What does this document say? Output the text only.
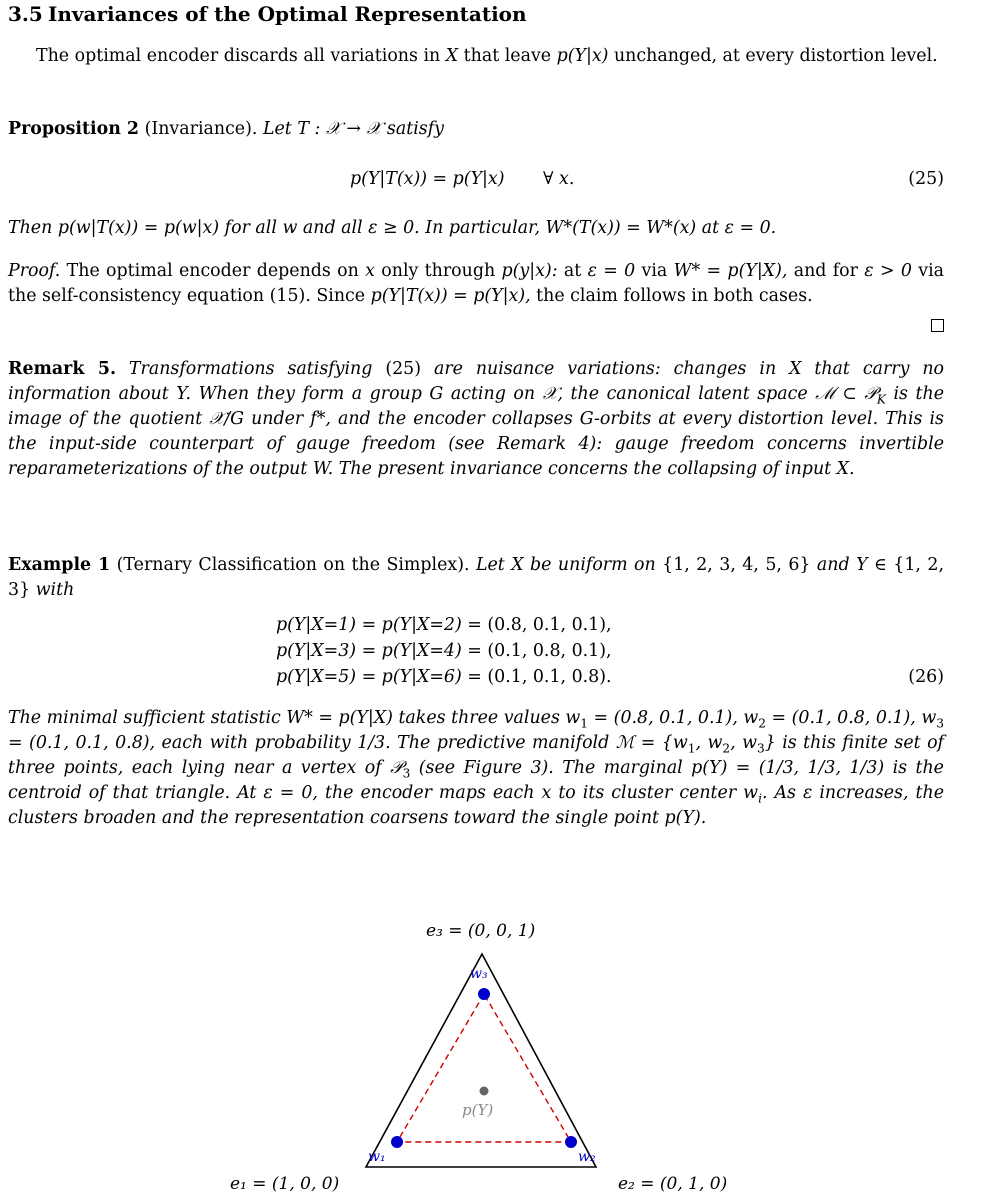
3.5 Invariances of the Optimal Representation
The optimal encoder discards all variations in X that leave p(Y|x) unchanged, at every distortion level.
Proposition 2 (Invariance). Let T : 𝒳 → 𝒳 satisfy
p(Y|T(x)) = p(Y|x) ∀ x.	(25)
Then p(w|T(x)) = p(w|x) for all w and all ε ≥ 0. In particular, W*(T(x)) = W*(x) at ε = 0.
Proof. The optimal encoder depends on x only through p(y|x): at ε = 0 via W* = p(Y|X), and for ε > 0 via the self-consistency equation (15). Since p(Y|T(x)) = p(Y|x), the claim follows in both cases.
Remark 5. Transformations satisfying (25) are nuisance variations: changes in X that carry no information about Y. When they form a group G acting on 𝒳, the canonical latent space ℳ ⊂ 𝒫$_K$ is the image of the quotient 𝒳/G under f*, and the encoder collapses G-orbits at every distortion level. This is the input-side counterpart of gauge freedom (see Remark 4): gauge freedom concerns invertible reparameterizations of the output W. The present invariance concerns the collapsing of input X.
Example 1 (Ternary Classification on the Simplex). Let X be uniform on {1, 2, 3, 4, 5, 6} and Y ∈ {1, 2, 3} with
p(Y|X=1) = p(Y|X=2) = (0.8, 0.1, 0.1),
p(Y|X=3) = p(Y|X=4) = (0.1, 0.8, 0.1),
p(Y|X=5) = p(Y|X=6) = (0.1, 0.1, 0.8).	(26)
The minimal sufficient statistic W* = p(Y|X) takes three values $w_1 = (0.8$, 0.1, 0.1), $w_2 = (0.1$, 0.8, 0.1), $w_3 = (0.1$, 0.1, 0.8), each with probability 1/3. The predictive manifold ℳ = {$w_1$, $w_2$, $w_3$} is this finite set of three points, each lying near a vertex of 𝒫$_3$ (see Figure 3). The marginal p(Y) = (1/3, 1/3, 1/3) is the centroid of that triangle. At ε = 0, the encoder maps each x to its cluster center $w_i$. As ε increases, the clusters broaden and the representation coarsens toward the single point p(Y).
e₃ = (0, 0, 1)
w₃
w₁	w₂
p(Y)
e₁ = (1, 0, 0)	e₂ = (0, 1, 0)
